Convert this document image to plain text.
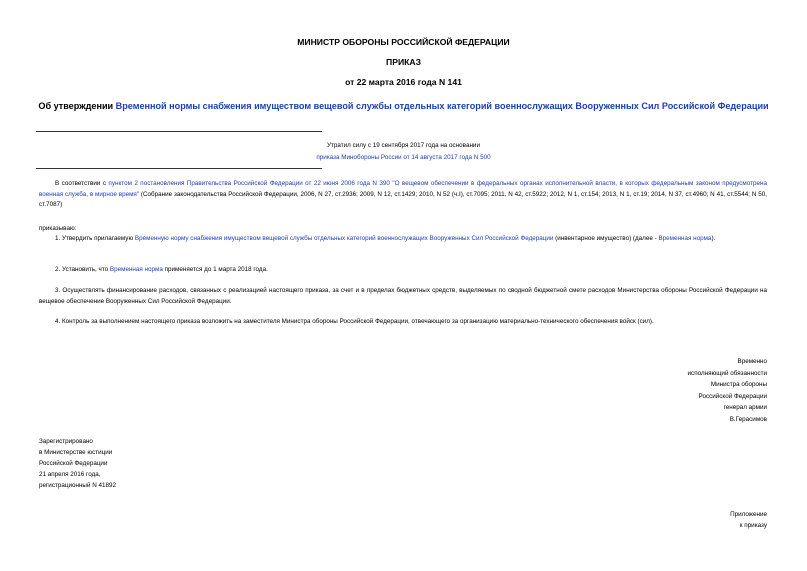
МИНИСТР ОБОРОНЫ РОССИЙСКОЙ ФЕДЕРАЦИИ
ПРИКАЗ
от 22 марта 2016 года N 141
Об утверждении Временной нормы снабжения имуществом вещевой службы отдельных категорий военнослужащих Вооруженных Сил Российской Федерации
Утратил силу с 19 сентября 2017 года на основании
приказа Минобороны России от 14 августа 2017 года N 500
В соответствии с пунктом 2 постановления Правительства Российской Федерации от 22 июня 2006 года N 390 "О вещевом обеспечении в федеральных органах исполнительной власти, в которых федеральным законом предусмотрена военная служба, в мирное время" (Собрание законодательства Российской Федерации, 2006, N 27, ст.2936; 2009, N 12, ст.1429; 2010, N 52 (ч.I), ст.7095; 2011, N 42, ст.5922; 2012, N 1, ст.154; 2013, N 1, ст.19; 2014, N 37, ст.4960; N 41, ст.5544; N 50, ст.7087)
приказываю:
1. Утвердить прилагаемую Временную норму снабжения имуществом вещевой службы отдельных категорий военнослужащих Вооруженных Сил Российской Федерации (инвентарное имущество) (далее - Временная норма).
2. Установить, что Временная норма применяется до 1 марта 2018 года.
3. Осуществлять финансирование расходов, связанных с реализацией настоящего приказа, за счет и в пределах бюджетных средств, выделяемых по сводной бюджетной смете расходов Министерства обороны Российской Федерации на вещевое обеспечение Вооруженных Сил Российской Федерации.
4. Контроль за выполнением настоящего приказа возложить на заместителя Министра обороны Российской Федерации, отвечающего за организацию материально-технического обеспечения войск (сил).
Временно
исполняющий обязанности
Министра обороны
Российской Федерации
генерал армии
В.Герасимов
Зарегистрировано
в Министерстве юстиции
Российской Федерации
21 апреля 2016 года,
регистрационный N 41892
Приложение
к приказу
